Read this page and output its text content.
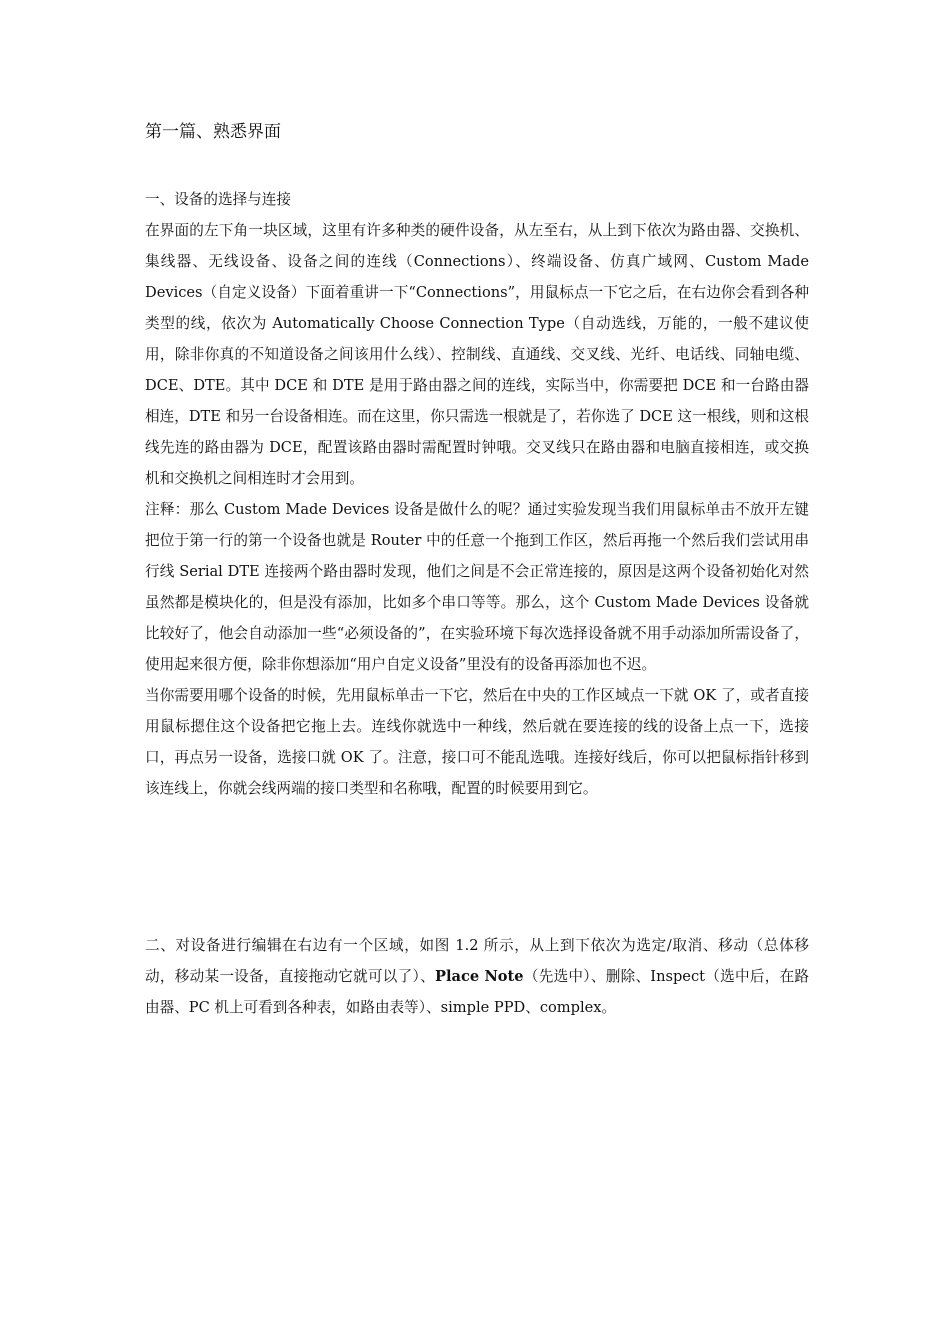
第一篇、熟悉界面

一、设备的选择与连接

在界面的左下角一块区域，这里有许多种类的硬件设备，从左至右，从上到下依次为路由器、交换机、集线器、无线设备、设备之间的连线（Connections）、终端设备、仿真广域网、Custom Made Devices（自定义设备）下面着重讲一下“Connections”，用鼠标点一下它之后，在右边你会看到各种类型的线，依次为 Automatically Choose Connection Type（自动选线，万能的，一般不建议使用，除非你真的不知道设备之间该用什么线）、控制线、直通线、交叉线、光纤、电话线、同轴电缆、DCE、DTE。其中 DCE 和 DTE 是用于路由器之间的连线，实际当中，你需要把 DCE 和一台路由器相连，DTE 和另一台设备相连。而在这里，你只需选一根就是了，若你选了 DCE 这一根线，则和这根线先连的路由器为 DCE，配置该路由器时需配置时钟哦。交叉线只在路由器和电脑直接相连，或交换机和交换机之间相连时才会用到。

注释：那么 Custom Made Devices 设备是做什么的呢？通过实验发现当我们用鼠标单击不放开左键把位于第一行的第一个设备也就是 Router 中的任意一个拖到工作区，然后再拖一个然后我们尝试用串行线 Serial DTE 连接两个路由器时发现，他们之间是不会正常连接的，原因是这两个设备初始化对然虽然都是模块化的，但是没有添加，比如多个串口等等。那么，这个 Custom Made Devices 设备就比较好了，他会自动添加一些“必须设备的”，在实验环境下每次选择设备就不用手动添加所需设备了，使用起来很方便，除非你想添加“用户自定义设备”里没有的设备再添加也不迟。

当你需要用哪个设备的时候，先用鼠标单击一下它，然后在中央的工作区域点一下就 OK 了，或者直接用鼠标摁住这个设备把它拖上去。连线你就选中一种线，然后就在要连接的线的设备上点一下，选接口，再点另一设备，选接口就 OK 了。注意，接口可不能乱选哦。连接好线后，你可以把鼠标指针移到该连线上，你就会线两端的接口类型和名称哦，配置的时候要用到它。

二、对设备进行编辑在右边有一个区域，如图 1.2 所示，从上到下依次为选定/取消、移动（总体移动，移动某一设备，直接拖动它就可以了）、Place Note（先选中）、删除、Inspect（选中后，在路由器、PC 机上可看到各种表，如路由表等）、simple PPD、complex。
